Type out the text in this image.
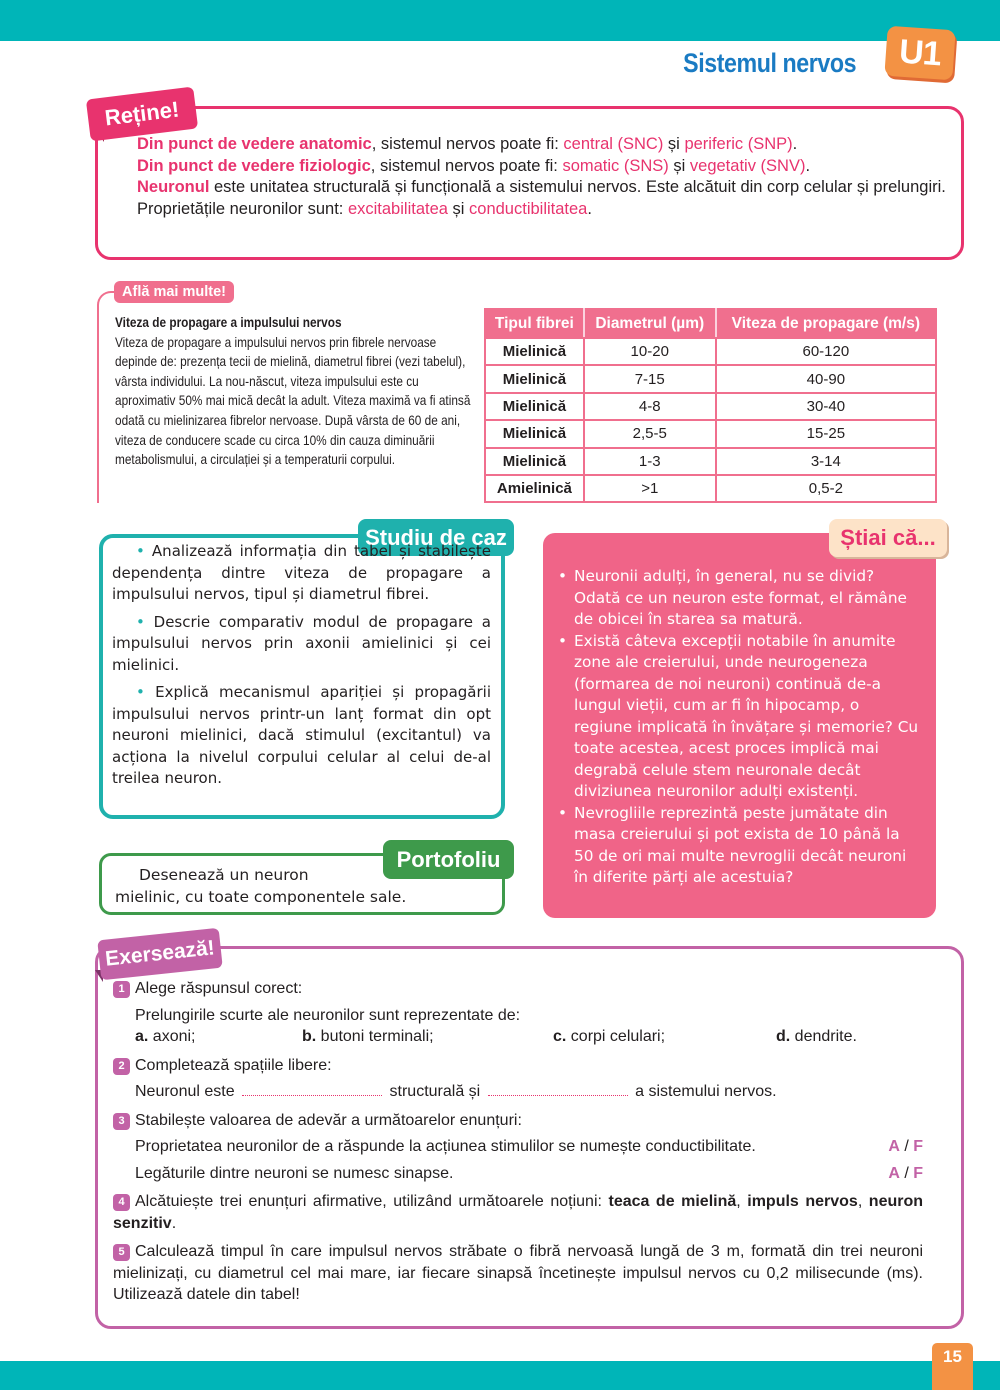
Sistemul nervos	U1
Reține!

Din punct de vedere anatomic, sistemul nervos poate fi: central (SNC) și periferic (SNP).

Din punct de vedere fiziologic, sistemul nervos poate fi: somatic (SNS) și vegetativ (SNV).

Neuronul este unitatea structurală și funcțională a sistemului nervos. Este alcătuit din corp celular și prelungiri.

Proprietățile neuronilor sunt: excitabilitatea și conductibilitatea.

Află mai multe!
Viteza de propagare a impulsului nervos
Viteza de propagare a impulsului nervos prin fibrele nervoase depinde de: prezența tecii de mielină, diametrul fibrei (vezi tabelul), vârsta individului. La nou-născut, viteza impulsului este cu aproximativ 50% mai mică decât la adult. Viteza maximă va fi atinsă odată cu mielinizarea fibrelor nervoase. După vârsta de 60 de ani, viteza de conducere scade cu circa 10% din cauza diminuării metabolismului, a circulației și a temperaturii corpului.
Tipul fibrei	Diametrul (µm)	Viteza de propagare (m/s)
Mielinică	10-20	60-120
Mielinică	7-15	40-90
Mielinică	4-8	30-40
Mielinică	2,5-5	15-25
Mielinică	1-3	3-14
Amielinică	>1	0,5-2
Studiu de caz

• Analizează informația din tabel și stabilește dependența dintre viteza de propagare a impulsului nervos, tipul și diametrul fibrei.

• Descrie comparativ modul de propagare a impulsului nervos prin axonii amielinici și cei mielinici.

• Explică mecanismul apariției și propagării impulsului nervos printr-un lanț format din opt neuroni mielinici, dacă stimulul (excitantul) va acționa la nivelul corpului celular al celui de-al treilea neuron.

Portofoliu
Desenează un neuron
mielinic, cu toate componentele sale.
Știai că...
• Neuronii adulți, în general, nu se divid? Odată ce un neuron este format, el rămâne de obicei în starea sa matură.
• Există câteva excepții notabile în anumite zone ale creierului, unde neurogeneza (formarea de noi neuroni) continuă de-a lungul vieții, cum ar fi în hipocamp, o regiune implicată în învățare și memorie? Cu toate acestea, acest proces implică mai degrabă celule stem neuronale decât diviziunea neuronilor adulți existenți.
• Nevrogliile reprezintă peste jumătate din masa creierului și pot exista de 10 până la 50 de ori mai multe nevroglii decât neuroni în diferite părți ale acestuia?
Exersează!
1 Alege răspunsul corect:
Prelungirile scurte ale neuronilor sunt reprezentate de:
a. axoni;	b. butoni terminali;	c. corpi celulari;	d. dendrite.
2 Completează spațiile libere:
Neuronul este	structurală și	a sistemului nervos.
3 Stabilește valoarea de adevăr a următoarelor enunțuri:
Proprietatea neuronilor de a răspunde la acțiunea stimulilor se numește conductibilitate.	A / F
Legăturile dintre neuroni se numesc sinapse.	A / F
4 Alcătuiește trei enunțuri afirmative, utilizând următoarele noțiuni: teaca de mielină, impuls nervos, neuron senzitiv.
5 Calculează timpul în care impulsul nervos străbate o fibră nervoasă lungă de 3 m, formată din trei neuroni mielinizați, cu diametrul cel mai mare, iar fiecare sinapsă încetinește impulsul nervos cu 0,2 milisecunde (ms). Utilizează datele din tabel!
15
